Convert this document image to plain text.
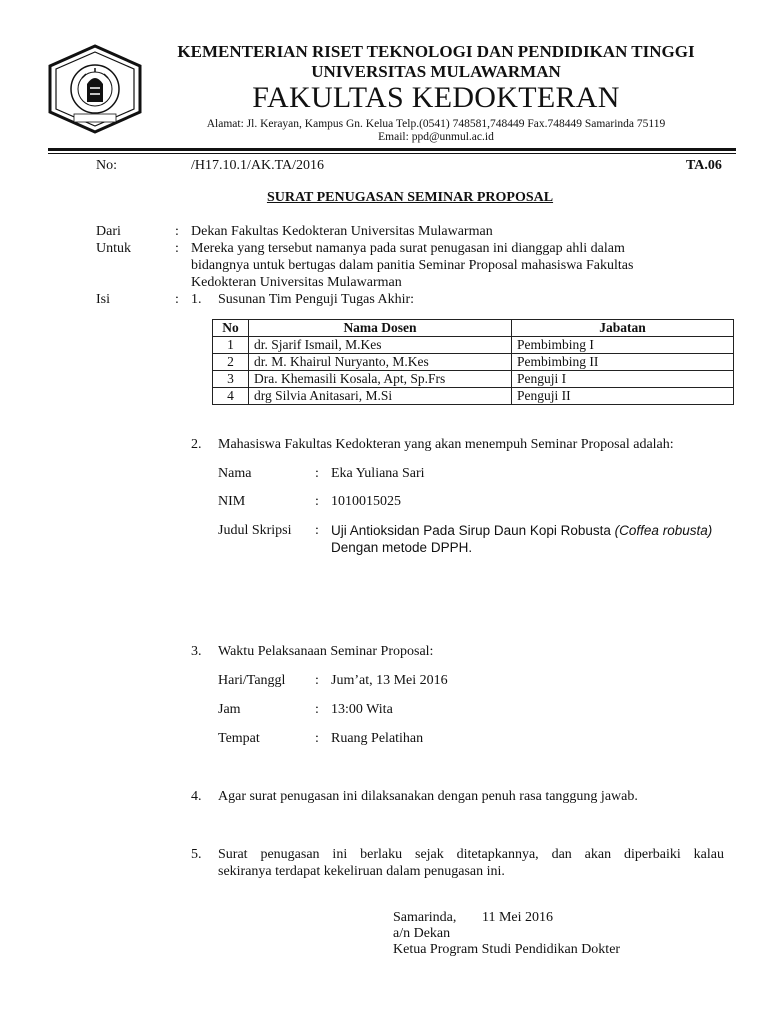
KEMENTERIAN RISET TEKNOLOGI DAN PENDIDIKAN TINGGI
UNIVERSITAS MULAWARMAN
FAKULTAS KEDOKTERAN
Alamat: Jl. Kerayan, Kampus Gn. Kelua Telp.(0541) 748581,748449 Fax.748449 Samarinda 75119
Email: ppd@unmul.ac.id
No:	/H17.10.1/AK.TA/2016	TA.06
SURAT PENUGASAN SEMINAR PROPOSAL
Dari	: Dekan Fakultas Kedokteran Universitas Mulawarman
Untuk	: Mereka yang tersebut namanya pada surat penugasan ini dianggap ahli dalam
bidangnya untuk bertugas dalam panitia Seminar Proposal mahasiswa Fakultas
Kedokteran Universitas Mulawarman
Isi	: 1. Susunan Tim Penguji Tugas Akhir:
No	Nama Dosen	Jabatan
1	dr. Sjarif Ismail, M.Kes	Pembimbing I
2	dr. M. Khairul Nuryanto, M.Kes	Pembimbing II
3	Dra. Khemasili Kosala, Apt, Sp.Frs	Penguji I
4	drg Silvia Anitasari, M.Si	Penguji II
2. Mahasiswa Fakultas Kedokteran yang akan menempuh Seminar Proposal adalah:
Nama	: Eka Yuliana Sari
NIM	: 1010015025
Judul Skripsi : Uji Antioksidan Pada Sirup Daun Kopi Robusta (Coffea robusta)
Dengan metode DPPH.
3. Waktu Pelaksanaan Seminar Proposal:
Hari/Tanggl : Jum’at, 13 Mei 2016
Jam	: 13:00 Wita
Tempat	: Ruang Pelatihan
4. Agar surat penugasan ini dilaksanakan dengan penuh rasa tanggung jawab.
5. Surat penugasan ini berlaku sejak ditetapkannya, dan akan diperbaiki kalau
sekiranya terdapat kekeliruan dalam penugasan ini.
Samarinda, 11 Mei 2016
a/n Dekan
Ketua Program Studi Pendidikan Dokter
